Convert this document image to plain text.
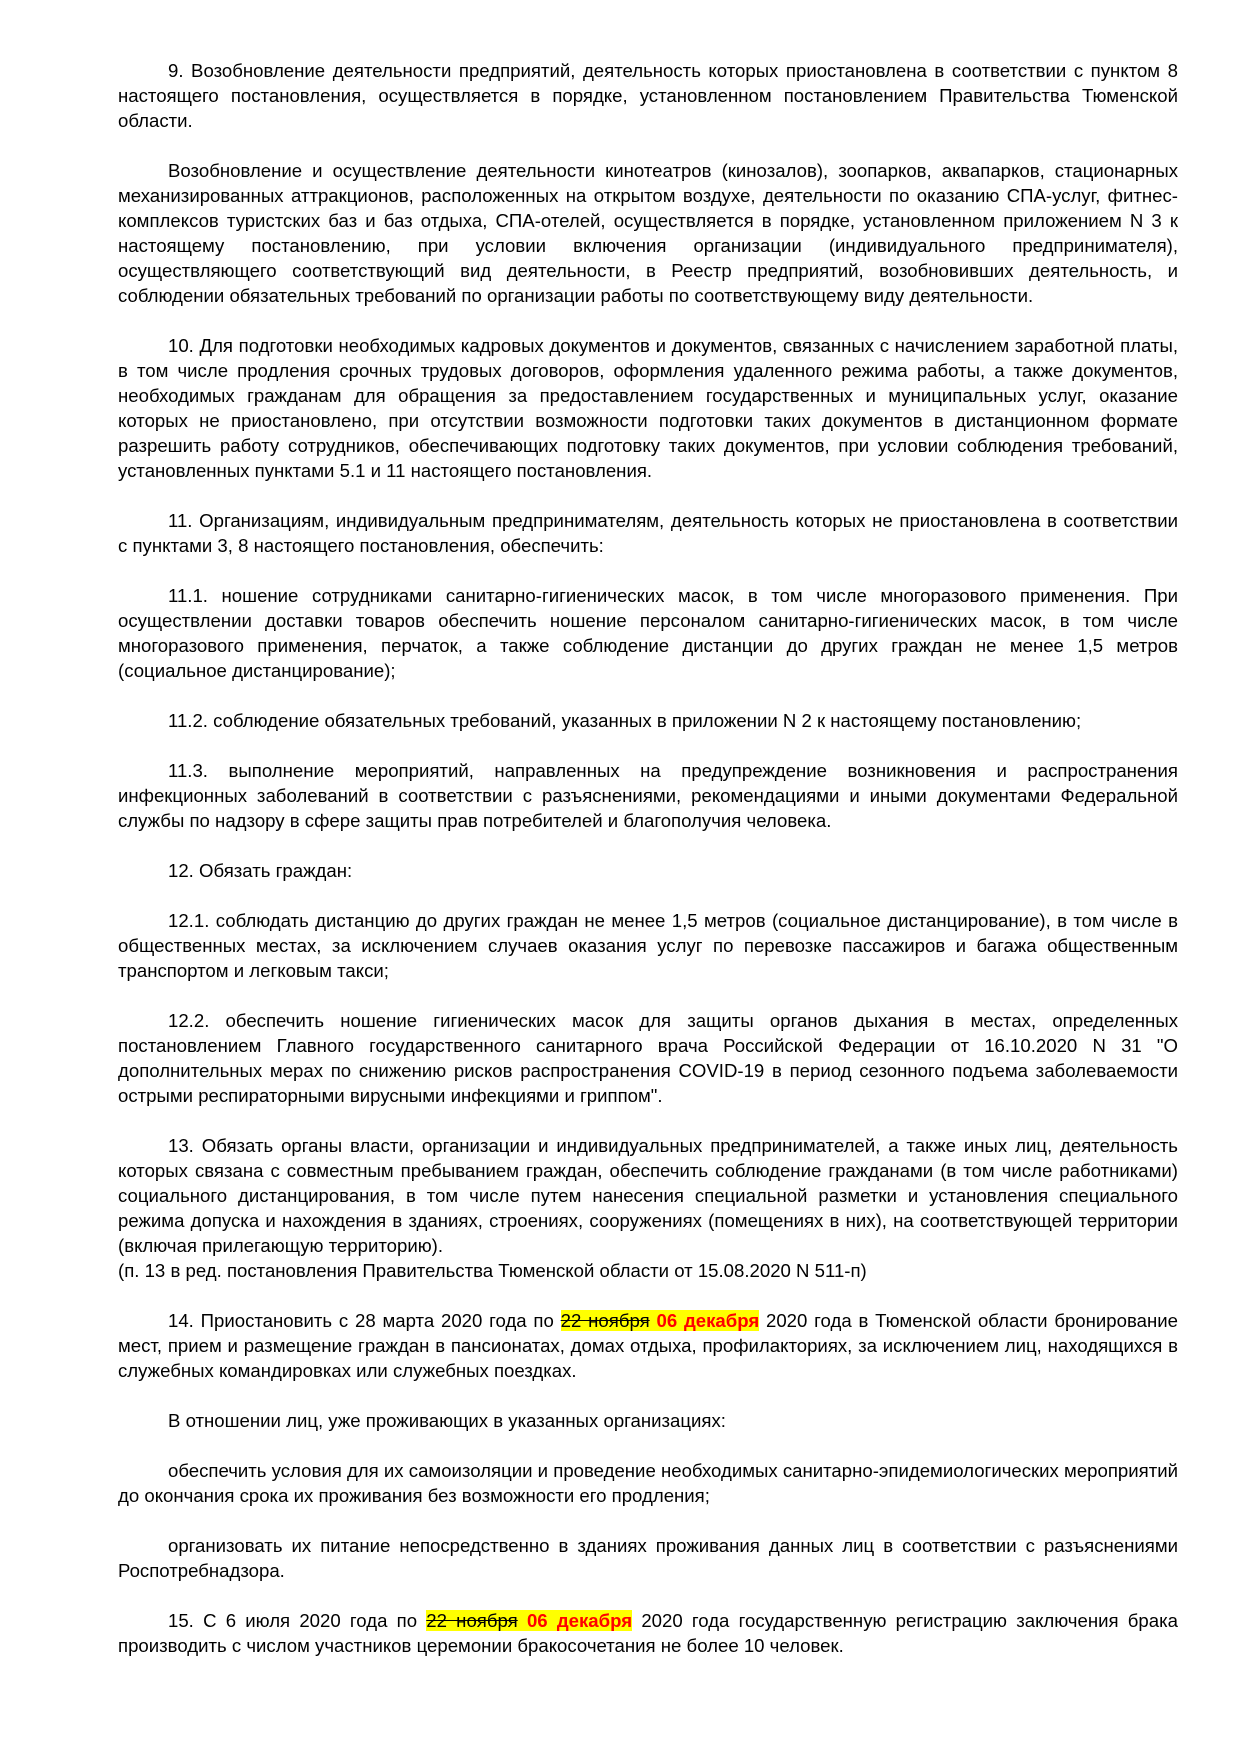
9. Возобновление деятельности предприятий, деятельность которых приостановлена в соответствии с пунктом 8 настоящего постановления, осуществляется в порядке, установленном постановлением Правительства Тюменской области.

Возобновление и осуществление деятельности кинотеатров (кинозалов), зоопарков, аквапарков, стационарных механизированных аттракционов, расположенных на открытом воздухе, деятельности по оказанию СПА-услуг, фитнес-комплексов туристских баз и баз отдыха, СПА-отелей, осуществляется в порядке, установленном приложением N 3 к настоящему постановлению, при условии включения организации (индивидуального предпринимателя), осуществляющего соответствующий вид деятельности, в Реестр предприятий, возобновивших деятельность, и соблюдении обязательных требований по организации работы по соответствующему виду деятельности.

10. Для подготовки необходимых кадровых документов и документов, связанных с начислением заработной платы, в том числе продления срочных трудовых договоров, оформления удаленного режима работы, а также документов, необходимых гражданам для обращения за предоставлением государственных и муниципальных услуг, оказание которых не приостановлено, при отсутствии возможности подготовки таких документов в дистанционном формате разрешить работу сотрудников, обеспечивающих подготовку таких документов, при условии соблюдения требований, установленных пунктами 5.1 и 11 настоящего постановления.

11. Организациям, индивидуальным предпринимателям, деятельность которых не приостановлена в соответствии с пунктами 3, 8 настоящего постановления, обеспечить:

11.1. ношение сотрудниками санитарно-гигиенических масок, в том числе многоразового применения. При осуществлении доставки товаров обеспечить ношение персоналом санитарно-гигиенических масок, в том числе многоразового применения, перчаток, а также соблюдение дистанции до других граждан не менее 1,5 метров (социальное дистанцирование);

11.2. соблюдение обязательных требований, указанных в приложении N 2 к настоящему постановлению;

11.3. выполнение мероприятий, направленных на предупреждение возникновения и распространения инфекционных заболеваний в соответствии с разъяснениями, рекомендациями и иными документами Федеральной службы по надзору в сфере защиты прав потребителей и благополучия человека.

12. Обязать граждан:

12.1. соблюдать дистанцию до других граждан не менее 1,5 метров (социальное дистанцирование), в том числе в общественных местах, за исключением случаев оказания услуг по перевозке пассажиров и багажа общественным транспортом и легковым такси;

12.2. обеспечить ношение гигиенических масок для защиты органов дыхания в местах, определенных постановлением Главного государственного санитарного врача Российской Федерации от 16.10.2020 N 31 "О дополнительных мерах по снижению рисков распространения COVID-19 в период сезонного подъема заболеваемости острыми респираторными вирусными инфекциями и гриппом".

13. Обязать органы власти, организации и индивидуальных предпринимателей, а также иных лиц, деятельность которых связана с совместным пребыванием граждан, обеспечить соблюдение гражданами (в том числе работниками) социального дистанцирования, в том числе путем нанесения специальной разметки и установления специального режима допуска и нахождения в зданиях, строениях, сооружениях (помещениях в них), на соответствующей территории (включая прилегающую территорию).

(п. 13 в ред. постановления Правительства Тюменской области от 15.08.2020 N 511-п)

14. Приостановить с 28 марта 2020 года по 22 ноября 06 декабря 2020 года в Тюменской области бронирование мест, прием и размещение граждан в пансионатах, домах отдыха, профилакториях, за исключением лиц, находящихся в служебных командировках или служебных поездках.

В отношении лиц, уже проживающих в указанных организациях:

обеспечить условия для их самоизоляции и проведение необходимых санитарно-эпидемиологических мероприятий до окончания срока их проживания без возможности его продления;

организовать их питание непосредственно в зданиях проживания данных лиц в соответствии с разъяснениями Роспотребнадзора.

15. С 6 июля 2020 года по 22 ноября 06 декабря 2020 года государственную регистрацию заключения брака производить с числом участников церемонии бракосочетания не более 10 человек.
